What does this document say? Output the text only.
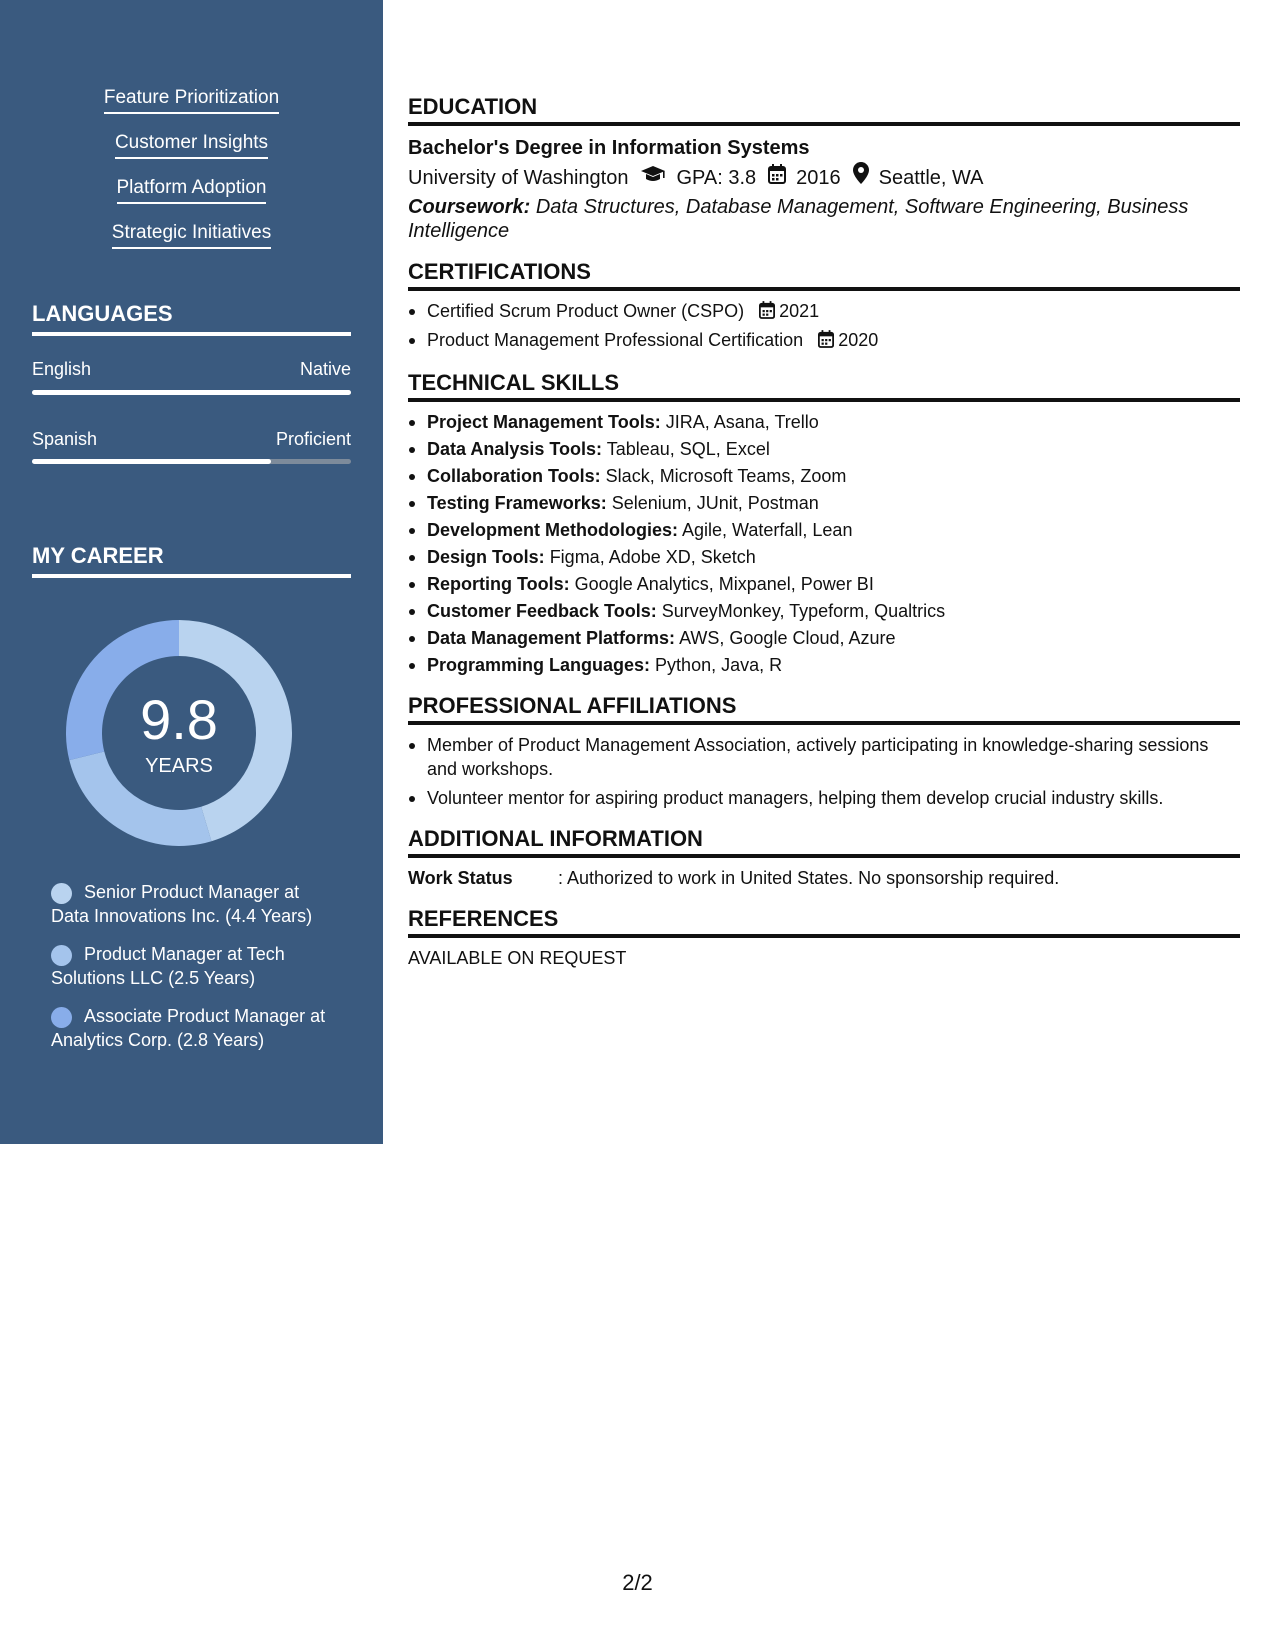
Feature Prioritization
Customer Insights
Platform Adoption
Strategic Initiatives
LANGUAGES
English	Native
Spanish	Proficient
MY CAREER
9.8
YEARS
Senior Product Manager at Data Innovations Inc. (4.4 Years)
Product Manager at Tech Solutions LLC (2.5 Years)
Associate Product Manager at Analytics Corp. (2.8 Years)
EDUCATION
Bachelor's Degree in Information Systems
University of Washington GPA: 3.8 2016 Seattle, WA
Coursework: Data Structures, Database Management, Software Engineering, Business Intelligence
CERTIFICATIONS
Certified Scrum Product Owner (CSPO) 2021
Product Management Professional Certification 2020
TECHNICAL SKILLS
Project Management Tools: JIRA, Asana, Trello
Data Analysis Tools: Tableau, SQL, Excel
Collaboration Tools: Slack, Microsoft Teams, Zoom
Testing Frameworks: Selenium, JUnit, Postman
Development Methodologies: Agile, Waterfall, Lean
Design Tools: Figma, Adobe XD, Sketch
Reporting Tools: Google Analytics, Mixpanel, Power BI
Customer Feedback Tools: SurveyMonkey, Typeform, Qualtrics
Data Management Platforms: AWS, Google Cloud, Azure
Programming Languages: Python, Java, R
PROFESSIONAL AFFILIATIONS
Member of Product Management Association, actively participating in knowledge-sharing sessions and workshops.
Volunteer mentor for aspiring product managers, helping them develop crucial industry skills.
ADDITIONAL INFORMATION
Work Status	: Authorized to work in United States. No sponsorship required.
REFERENCES
AVAILABLE ON REQUEST
2/2
